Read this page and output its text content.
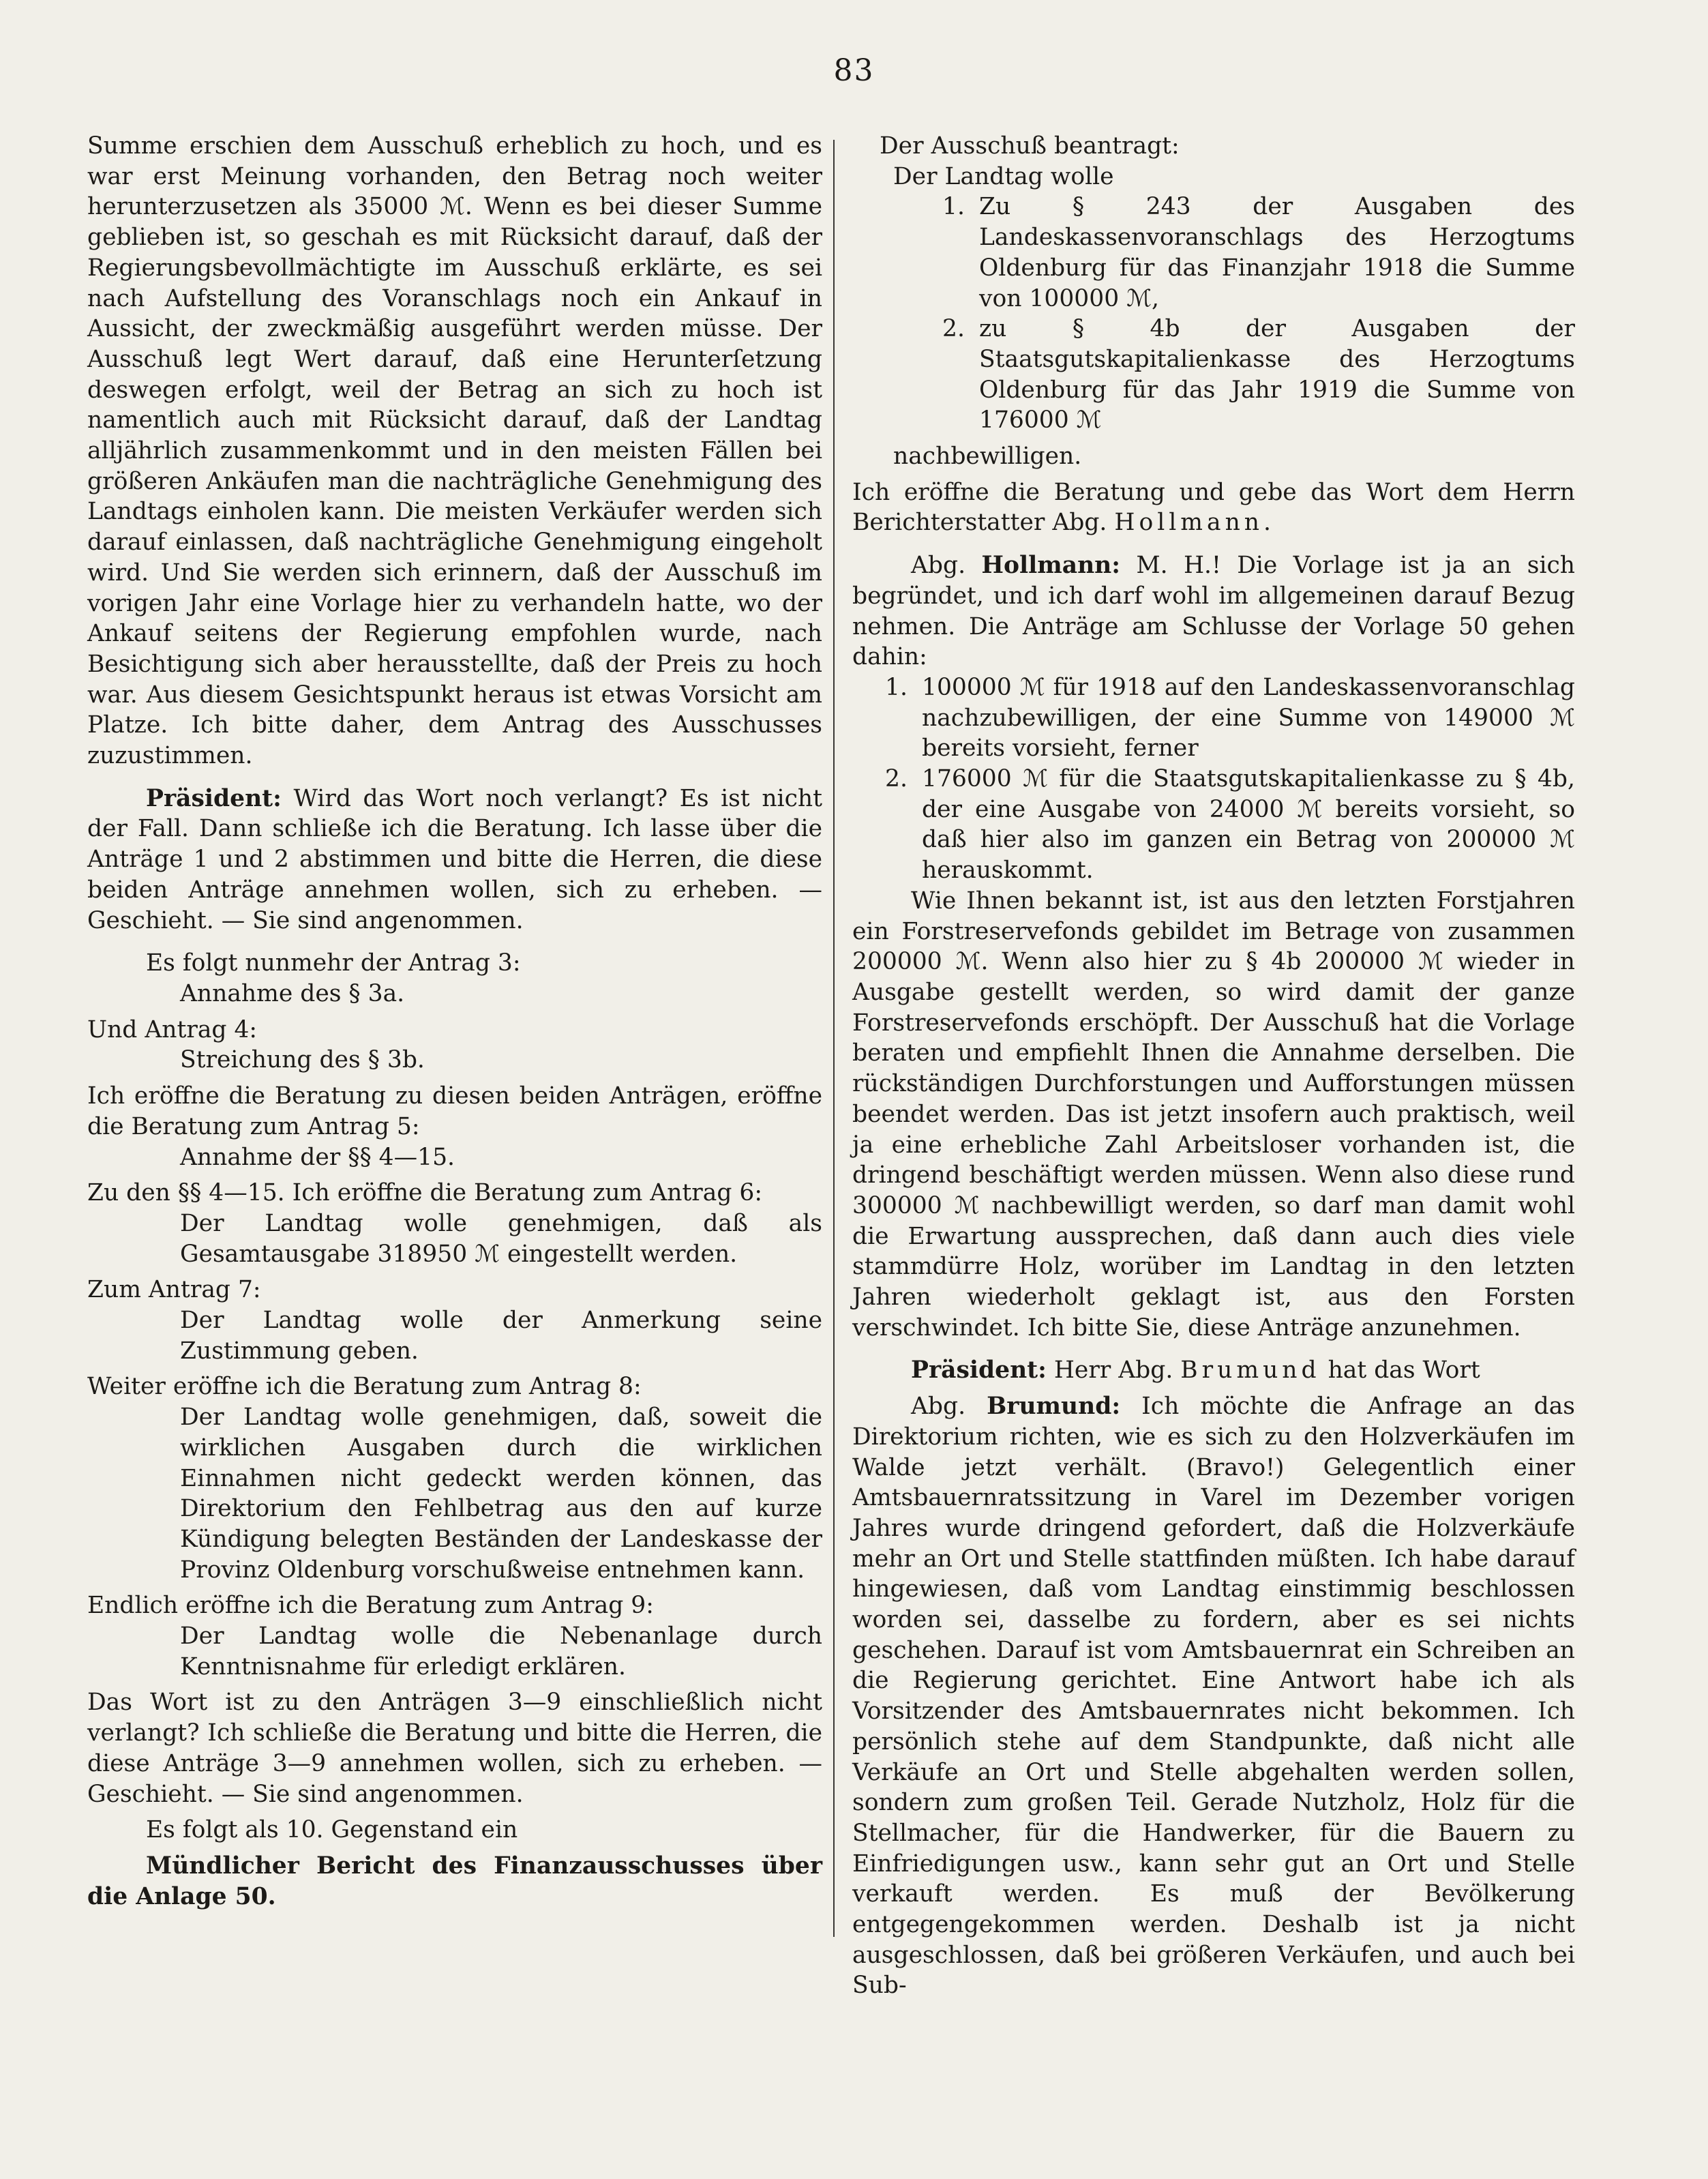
83

Summe erschien dem Ausschuß erheblich zu hoch, und es war erst Meinung vorhanden, den Betrag noch weiter herunterzusetzen als 35000 ℳ. Wenn es bei dieser Summe geblieben ist, so geschah es mit Rücksicht darauf, daß der Regierungsbevollmächtigte im Ausschuß erklärte, es sei nach Aufstellung des Voranschlags noch ein Ankauf in Aussicht, der zweckmäßig ausgeführt werden müsse. Der Ausschuß legt Wert darauf, daß eine Herunterſetzung deswegen erfolgt, weil der Betrag an sich zu hoch ist namentlich auch mit Rücksicht darauf, daß der Landtag alljährlich zusammenkommt und in den meisten Fällen bei größeren Ankäufen man die nachträgliche Genehmigung des Landtags einholen kann. Die meisten Verkäufer werden sich darauf einlassen, daß nachträgliche Genehmigung eingeholt wird. Und Sie werden sich erinnern, daß der Ausschuß im vorigen Jahr eine Vorlage hier zu verhandeln hatte, wo der Ankauf seitens der Regierung empfohlen wurde, nach Besichtigung sich aber herausstellte, daß der Preis zu hoch war. Aus diesem Gesichtspunkt heraus ist etwas Vorsicht am Platze. Ich bitte daher, dem Antrag des Ausschusses zuzustimmen.

Präsident: Wird das Wort noch verlangt? Es ist nicht der Fall. Dann schließe ich die Beratung. Ich lasse über die Anträge 1 und 2 abstimmen und bitte die Herren, die diese beiden Anträge annehmen wollen, sich zu erheben. — Geschieht. — Sie sind angenommen.

Es folgt nunmehr der Antrag 3:

Annahme des § 3a.

Und Antrag 4:

Streichung des § 3b.

Ich eröffne die Beratung zu diesen beiden Anträgen, eröffne die Beratung zum Antrag 5:

Annahme der §§ 4—15.

Zu den §§ 4—15. Ich eröffne die Beratung zum Antrag 6:

Der Landtag wolle genehmigen, daß als Gesamtausgabe 318950 ℳ eingestellt werden.

Zum Antrag 7:

Der Landtag wolle der Anmerkung seine Zustimmung geben.

Weiter eröffne ich die Beratung zum Antrag 8:

Der Landtag wolle genehmigen, daß, soweit die wirklichen Ausgaben durch die wirklichen Einnahmen nicht gedeckt werden können, das Direktorium den Fehlbetrag aus den auf kurze Kündigung belegten Beständen der Landeskasse der Provinz Oldenburg vorschußweise entnehmen kann.

Endlich eröffne ich die Beratung zum Antrag 9:

Der Landtag wolle die Nebenanlage durch Kenntnisnahme für erledigt erklären.

Das Wort ist zu den Anträgen 3—9 einschließlich nicht verlangt? Ich schließe die Beratung und bitte die Herren, die diese Anträge 3—9 annehmen wollen, sich zu erheben. — Geschieht. — Sie sind angenommen.

Es folgt als 10. Gegenstand ein

Mündlicher Bericht des Finanzausschusses über die Anlage 50.

Der Ausschuß beantragt:

Der Landtag wolle

1. Zu § 243 der Ausgaben des Landeskassenvoranschlags des Herzogtums Oldenburg für das Finanzjahr 1918 die Summe von 100000 ℳ,
2. zu § 4b der Ausgaben der Staatsgutskapitalienkasse des Herzogtums Oldenburg für das Jahr 1919 die Summe von 176000 ℳ

nachbewilligen.

Ich eröffne die Beratung und gebe das Wort dem Herrn Berichterstatter Abg. Hollmann.

Abg. Hollmann: M. H.! Die Vorlage ist ja an sich begründet, und ich darf wohl im allgemeinen darauf Bezug nehmen. Die Anträge am Schlusse der Vorlage 50 gehen dahin:

1. 100000 ℳ für 1918 auf den Landeskassenvoranschlag nachzubewilligen, der eine Summe von 149000 ℳ bereits vorsieht, ferner
2. 176000 ℳ für die Staatsgutskapitalienkasse zu § 4b, der eine Ausgabe von 24000 ℳ bereits vorsieht, so daß hier also im ganzen ein Betrag von 200000 ℳ herauskommt.

Wie Ihnen bekannt ist, ist aus den letzten Forstjahren ein Forstreservefonds gebildet im Betrage von zusammen 200000 ℳ. Wenn also hier zu § 4b 200000 ℳ wieder in Ausgabe gestellt werden, so wird damit der ganze Forstreservefonds erschöpft. Der Ausschuß hat die Vorlage beraten und empfiehlt Ihnen die Annahme derselben. Die rückständigen Durchforstungen und Aufforstungen müssen beendet werden. Das ist jetzt insofern auch praktisch, weil ja eine erhebliche Zahl Arbeitsloser vorhanden ist, die dringend beschäftigt werden müssen. Wenn also diese rund 300000 ℳ nachbewilligt werden, so darf man damit wohl die Erwartung aussprechen, daß dann auch dies viele stammdürre Holz, worüber im Landtag in den letzten Jahren wiederholt geklagt ist, aus den Forsten verschwindet. Ich bitte Sie, diese Anträge anzunehmen.

Präsident: Herr Abg. Brumund hat das Wort

Abg. Brumund: Ich möchte die Anfrage an das Direktorium richten, wie es sich zu den Holzverkäufen im Walde jetzt verhält. (Bravo!) Gelegentlich einer Amtsbauernratssitzung in Varel im Dezember vorigen Jahres wurde dringend gefordert, daß die Holzverkäufe mehr an Ort und Stelle stattfinden müßten. Ich habe darauf hingewiesen, daß vom Landtag einstimmig beschlossen worden sei, dasselbe zu fordern, aber es sei nichts geschehen. Darauf ist vom Amtsbauernrat ein Schreiben an die Regierung gerichtet. Eine Antwort habe ich als Vorsitzender des Amtsbauernrates nicht bekommen. Ich persönlich stehe auf dem Standpunkte, daß nicht alle Verkäufe an Ort und Stelle abgehalten werden sollen, sondern zum großen Teil. Gerade Nutzholz, Holz für die Stellmacher, für die Handwerker, für die Bauern zu Einfriedigungen usw., kann sehr gut an Ort und Stelle verkauft werden. Es muß der Bevölkerung entgegengekommen werden. Deshalb ist ja nicht ausgeschlossen, daß bei größeren Verkäufen, und auch bei Sub-
